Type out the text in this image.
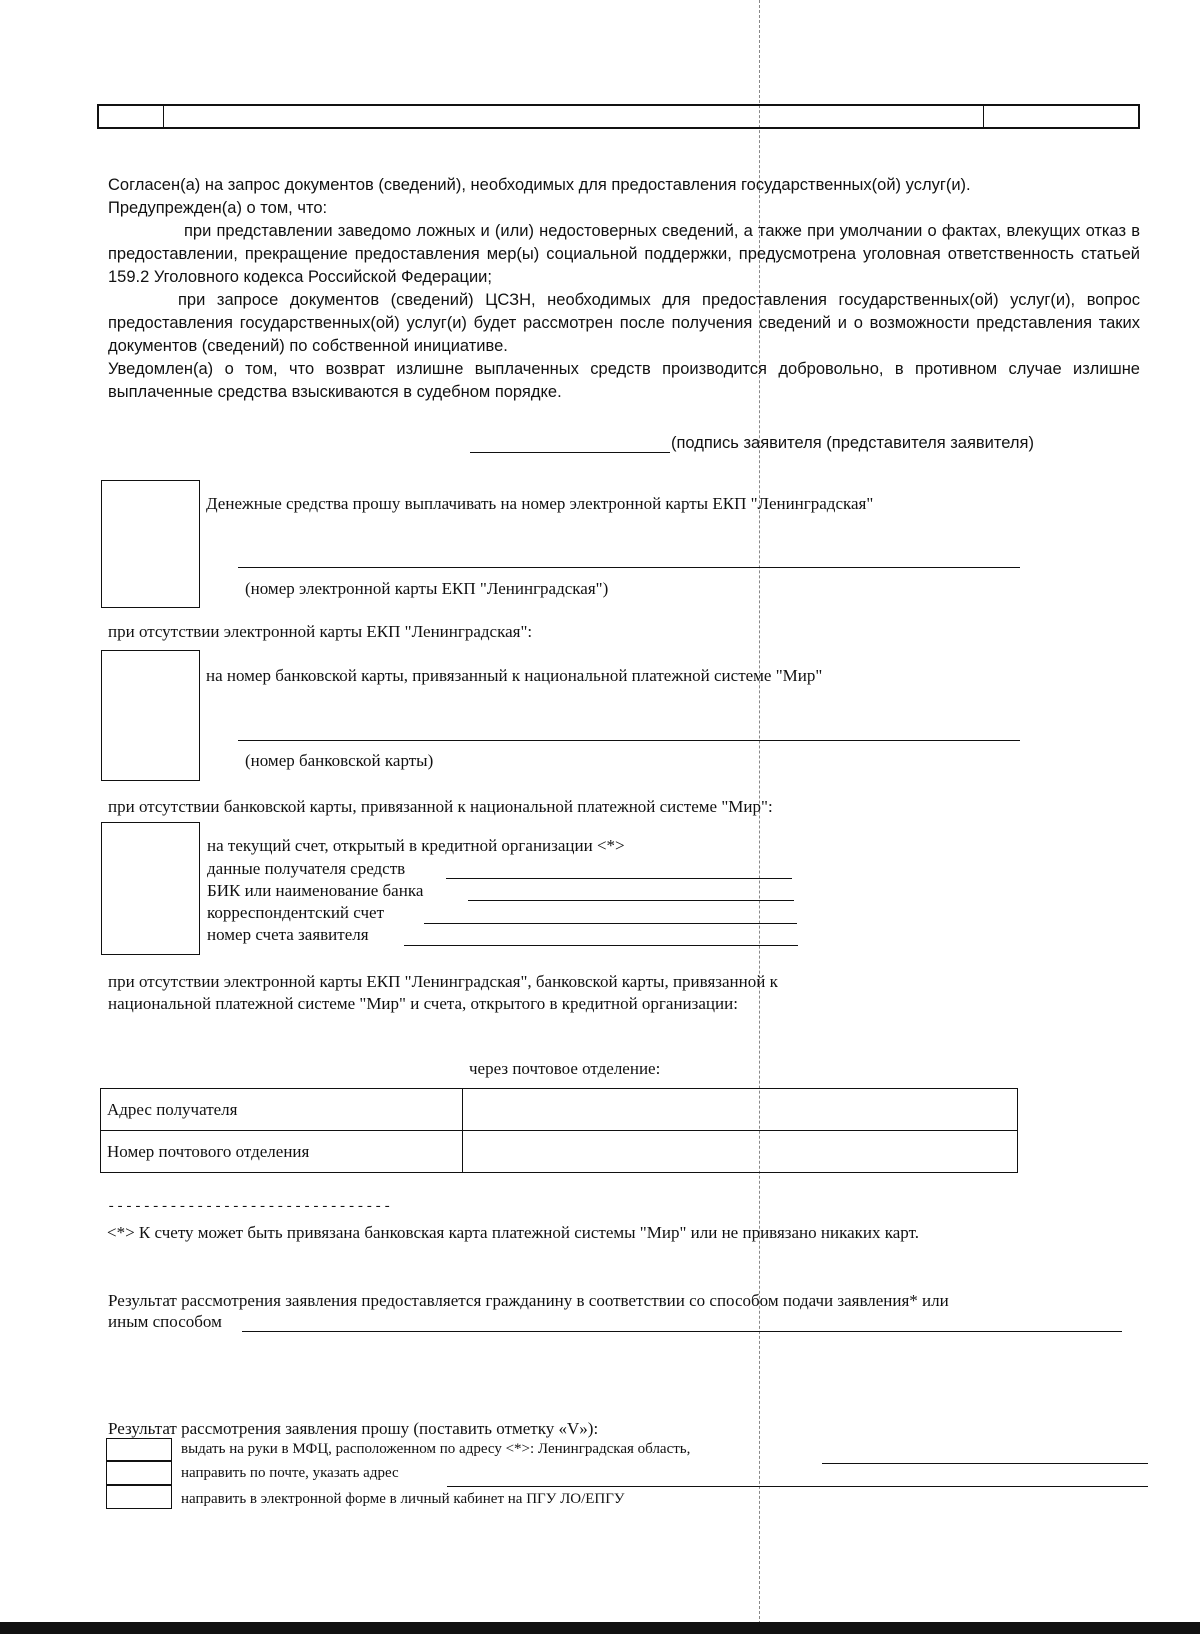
Согласен(а) на запрос документов (сведений), необходимых для предоставления государственных(ой) услуг(и).

Предупрежден(а) о том, что:

при представлении заведомо ложных и (или) недостоверных сведений, а также при умолчании о фактах, влекущих отказ в предоставлении, прекращение предоставления мер(ы) социальной поддержки, предусмотрена уголовная ответственность статьей 159.2 Уголовного кодекса Российской Федерации;

при запросе документов (сведений) ЦСЗН, необходимых для предоставления государственных(ой) услуг(и), вопрос предоставления государственных(ой) услуг(и) будет рассмотрен после получения сведений и о возможности представления таких документов (сведений) по собственной инициативе.

Уведомлен(а) о том, что возврат излишне выплаченных средств производится добровольно, в противном случае излишне выплаченные средства взыскиваются в судебном порядке.

(подпись заявителя (представителя заявителя)
Денежные средства прошу выплачивать на номер электронной карты ЕКП "Ленинградская"
(номер электронной карты ЕКП "Ленинградская")
при отсутствии электронной карты ЕКП "Ленинградская":
на номер банковской карты, привязанный к национальной платежной системе "Мир"
(номер банковской карты)
при отсутствии банковской карты, привязанной к национальной платежной системе "Мир":
на текущий счет, открытый в кредитной организации <*>
данные получателя средств
БИК или наименование банка
корреспондентский счет
номер счета заявителя
при отсутствии электронной карты ЕКП "Ленинградская", банковской карты, привязанной к
национальной платежной системе "Мир" и счета, открытого в кредитной организации:
через почтовое отделение:
Адрес получателя	
Номер почтового отделения	
--------------------------------
<*> К счету может быть привязана банковская карта платежной системы "Мир" или не привязано никаких карт.
Результат рассмотрения заявления предоставляется гражданину в соответствии со способом подачи заявления* или
иным способом
Результат рассмотрения заявления прошу (поставить отметку «V»):
выдать на руки в МФЦ, расположенном по адресу <*>: Ленинградская область,
направить по почте, указать адрес
направить в электронной форме в личный кабинет на ПГУ ЛО/ЕПГУ
